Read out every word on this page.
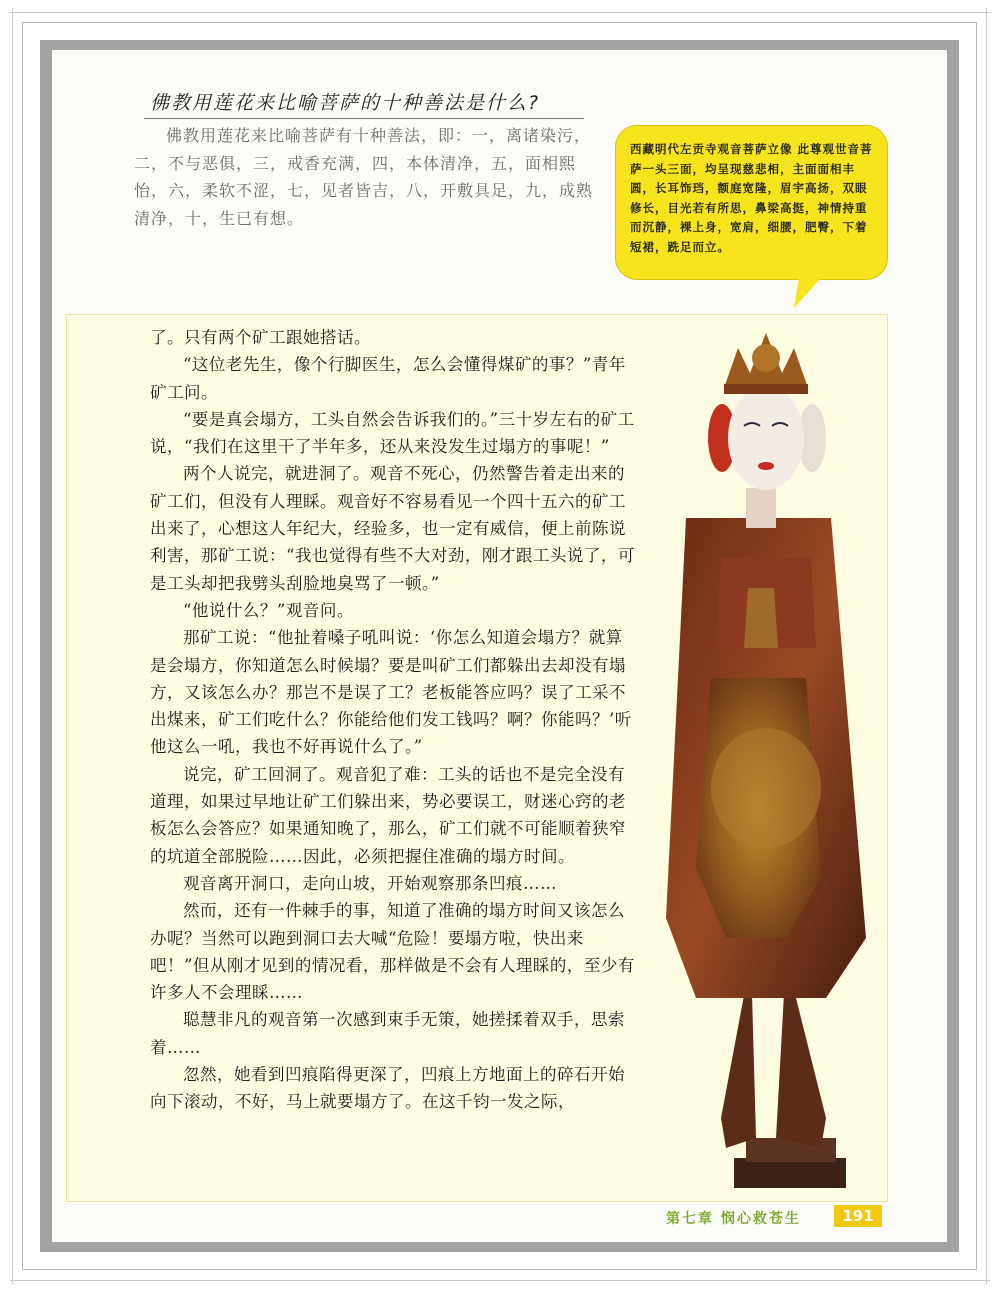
佛教用莲花来比喻菩萨的十种善法是什么?

佛教用莲花来比喻菩萨有十种善法，即：一，离诸染污，二，不与恶俱，三，戒香充满，四，本体清净，五，面相熙怡，六，柔软不涩，七，见者皆吉，八，开敷具足，九，成熟清净，十，生已有想。

西藏明代左贡寺观音菩萨立像 此尊观世音菩萨一头三面，均呈现慈悲相，主面面相丰圆，长耳饰珰，额庭宽隆，眉宇高扬，双眼修长，目光若有所思，鼻梁高挺，神情持重而沉静，裸上身，宽肩，细腰，肥臀，下着短裙，跣足而立。

了。只有两个矿工跟她搭话。

“这位老先生，像个行脚医生，怎么会懂得煤矿的事？”青年矿工问。

“要是真会塌方，工头自然会告诉我们的。”三十岁左右的矿工说，“我们在这里干了半年多，还从来没发生过塌方的事呢！”

两个人说完，就进洞了。观音不死心，仍然警告着走出来的矿工们，但没有人理睬。观音好不容易看见一个四十五六的矿工出来了，心想这人年纪大，经验多，也一定有威信，便上前陈说利害，那矿工说：“我也觉得有些不大对劲，刚才跟工头说了，可是工头却把我劈头刮脸地臭骂了一顿。”

“他说什么？”观音问。

那矿工说：“他扯着嗓子吼叫说：‘你怎么知道会塌方？就算是会塌方，你知道怎么时候塌？要是叫矿工们都躲出去却没有塌方，又该怎么办？那岂不是误了工？老板能答应吗？误了工采不出煤来，矿工们吃什么？你能给他们发工钱吗？啊？你能吗？’听他这么一吼，我也不好再说什么了。”

说完，矿工回洞了。观音犯了难：工头的话也不是完全没有道理，如果过早地让矿工们躲出来，势必要误工，财迷心窍的老板怎么会答应？如果通知晚了，那么，矿工们就不可能顺着狭窄的坑道全部脱险……因此，必须把握住准确的塌方时间。

观音离开洞口，走向山坡，开始观察那条凹痕……

然而，还有一件棘手的事，知道了准确的塌方时间又该怎么办呢？当然可以跑到洞口去大喊“危险！要塌方啦，快出来吧！”但从刚才见到的情况看，那样做是不会有人理睬的，至少有许多人不会理睬……

聪慧非凡的观音第一次感到束手无策，她搓揉着双手，思索着……

忽然，她看到凹痕陷得更深了，凹痕上方地面上的碎石开始向下滚动，不好，马上就要塌方了。在这千钧一发之际，

第七章 悯心救苍生	191
